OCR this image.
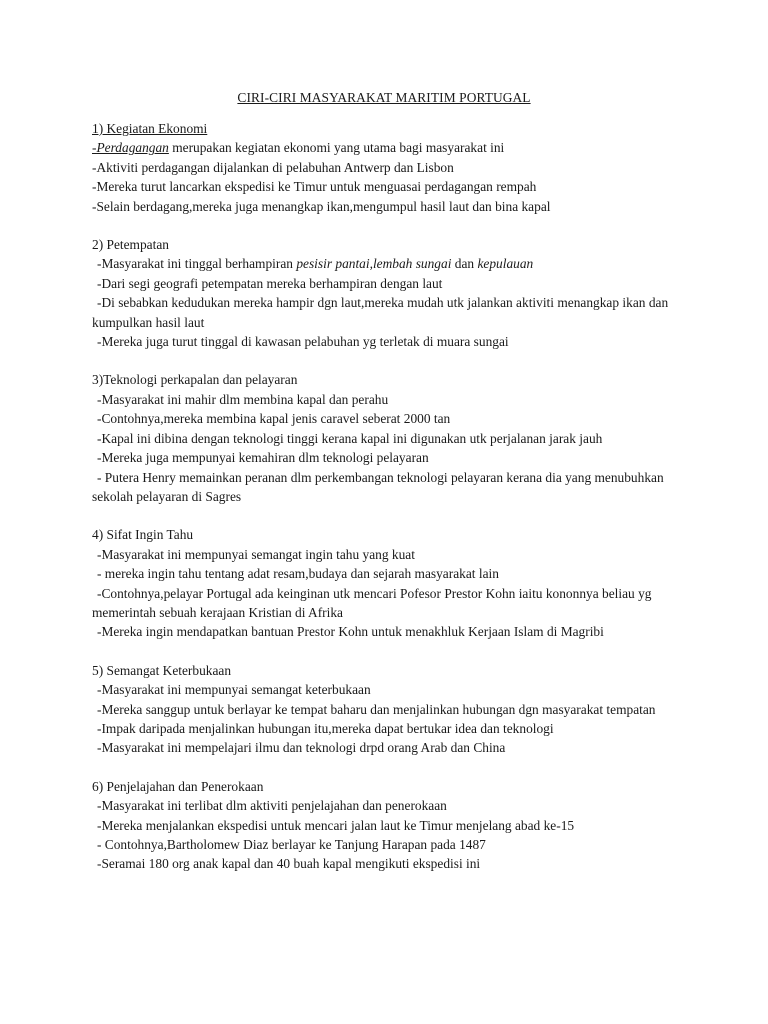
CIRI-CIRI MASYARAKAT MARITIM PORTUGAL
1) Kegiatan Ekonomi
-Perdagangan merupakan kegiatan ekonomi yang utama bagi masyarakat ini
-Aktiviti perdagangan dijalankan di pelabuhan Antwerp dan Lisbon
-Mereka turut lancarkan ekspedisi ke Timur untuk menguasai perdagangan rempah
-Selain berdagang,mereka juga menangkap ikan,mengumpul hasil laut dan bina kapal
2) Petempatan
-Masyarakat ini tinggal berhampiran pesisir pantai,lembah sungai dan kepulauan
-Dari segi geografi petempatan mereka berhampiran dengan laut
-Di sebabkan kedudukan mereka hampir dgn laut,mereka mudah utk jalankan aktiviti menangkap ikan dan kumpulkan hasil laut
-Mereka juga turut tinggal di kawasan pelabuhan yg terletak di muara sungai
3)Teknologi perkapalan dan pelayaran
-Masyarakat ini mahir dlm membina kapal dan perahu
-Contohnya,mereka membina kapal jenis caravel seberat 2000 tan
-Kapal ini dibina dengan teknologi tinggi kerana kapal ini digunakan utk perjalanan jarak jauh
-Mereka juga mempunyai kemahiran dlm teknologi pelayaran
- Putera Henry memainkan peranan dlm perkembangan teknologi pelayaran kerana dia yang menubuhkan sekolah pelayaran di Sagres
4) Sifat Ingin Tahu
-Masyarakat ini mempunyai semangat ingin tahu yang kuat
- mereka ingin tahu tentang adat resam,budaya dan sejarah masyarakat lain
-Contohnya,pelayar Portugal ada keinginan utk mencari Pofesor Prestor Kohn iaitu kononnya beliau yg memerintah sebuah kerajaan Kristian di Afrika
-Mereka ingin mendapatkan bantuan Prestor Kohn untuk menakhluk Kerjaan Islam di Magribi
5) Semangat Keterbukaan
-Masyarakat ini mempunyai semangat keterbukaan
-Mereka sanggup untuk berlayar ke tempat baharu dan menjalinkan hubungan dgn masyarakat tempatan
-Impak daripada menjalinkan hubungan itu,mereka dapat bertukar idea dan teknologi
-Masyarakat ini mempelajari ilmu dan teknologi drpd orang Arab dan China
6) Penjelajahan dan Penerokaan
-Masyarakat ini terlibat dlm aktiviti penjelajahan dan penerokaan
-Mereka menjalankan ekspedisi untuk mencari jalan laut ke Timur menjelang abad ke-15
- Contohnya,Bartholomew Diaz berlayar ke Tanjung Harapan pada 1487
-Seramai 180 org anak kapal dan 40 buah kapal mengikuti ekspedisi ini
